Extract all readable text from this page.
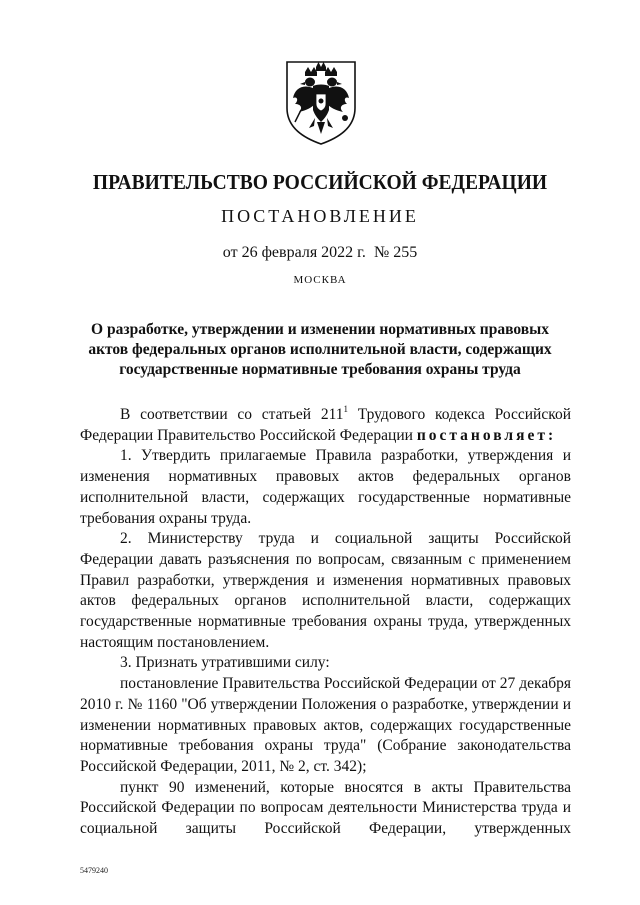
ПРАВИТЕЛЬСТВО РОССИЙСКОЙ ФЕДЕРАЦИИ
ПОСТАНОВЛЕНИЕ
от 26 февраля 2022 г. № 255
МОСКВА
О разработке, утверждении и изменении нормативных правовых
актов федеральных органов исполнительной власти, содержащих
государственные нормативные требования охраны труда

В соответствии со статьей $211^1$ Трудового кодекса Российской Федерации Правительство Российской Федерации постановляет:

1. Утвердить прилагаемые Правила разработки, утверждения и изменения нормативных правовых актов федеральных органов исполнительной власти, содержащих государственные нормативные требования охраны труда.

2. Министерству труда и социальной защиты Российской Федерации давать разъяснения по вопросам, связанным с применением Правил разработки, утверждения и изменения нормативных правовых актов федеральных органов исполнительной власти, содержащих государственные нормативные требования охраны труда, утвержденных настоящим постановлением.

3. Признать утратившими силу:

постановление Правительства Российской Федерации от 27 декабря 2010 г. № 1160 "Об утверждении Положения о разработке, утверждении и изменении нормативных правовых актов, содержащих государственные нормативные требования охраны труда" (Собрание законодательства Российской Федерации, 2011, № 2, ст. 342);

пункт 90 изменений, которые вносятся в акты Правительства Российской Федерации по вопросам деятельности Министерства труда и социальной защиты Российской Федерации, утвержденных

5479240
